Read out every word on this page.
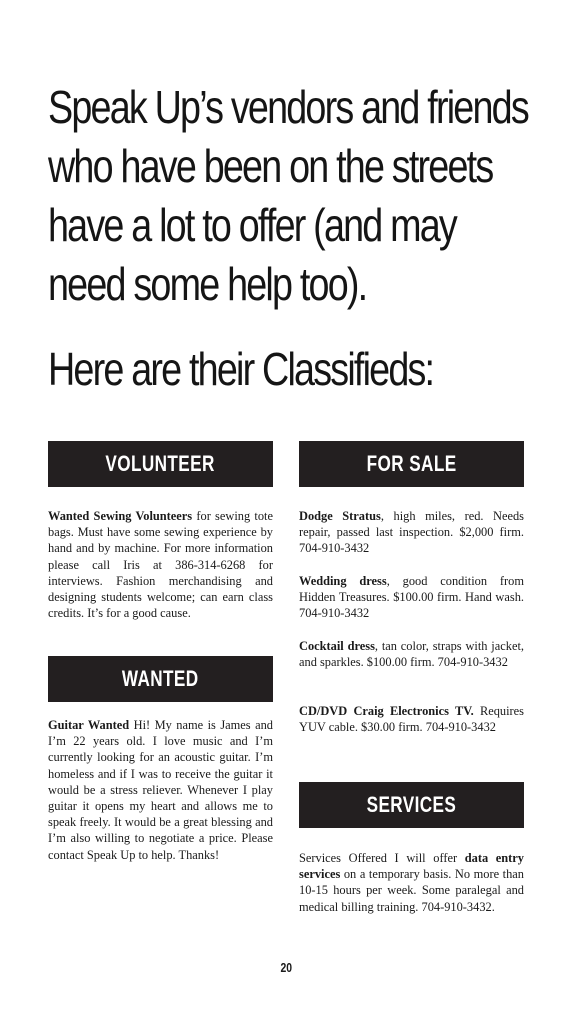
Speak Up’s vendors and friends who have been on the streets have a lot to offer (and may need some help too).
Here are their Classifieds:
VOLUNTEER

Wanted Sewing Volunteers for sewing tote bags. Must have some sewing experience by hand and by machine. For more information please call Iris at 386-314-6268 for interviews. Fashion merchandising and designing students welcome; can earn class credits. It’s for a good cause.

WANTED

Guitar Wanted Hi! My name is James and I’m 22 years old. I love music and I’m currently looking for an acoustic guitar. I’m homeless and if I was to receive the guitar it would be a stress reliever. Whenever I play guitar it opens my heart and allows me to speak freely. It would be a great blessing and I’m also willing to negotiate a price. Please contact Speak Up to help. Thanks!

FOR SALE

Dodge Stratus, high miles, red. Needs repair, passed last inspection. $2,000 firm. 704-910-3432

Wedding dress, good condition from Hidden Treasures. $100.00 firm. Hand wash. 704-910-3432

Cocktail dress, tan color, straps with jacket, and sparkles. $100.00 firm. 704-910-3432

CD/DVD Craig Electronics TV. Requires YUV cable. $30.00 firm. 704-910-3432

SERVICES

Services Offered I will offer data entry services on a temporary basis. No more than 10-15 hours per week. Some paralegal and medical billing training. 704-910-3432.

20
